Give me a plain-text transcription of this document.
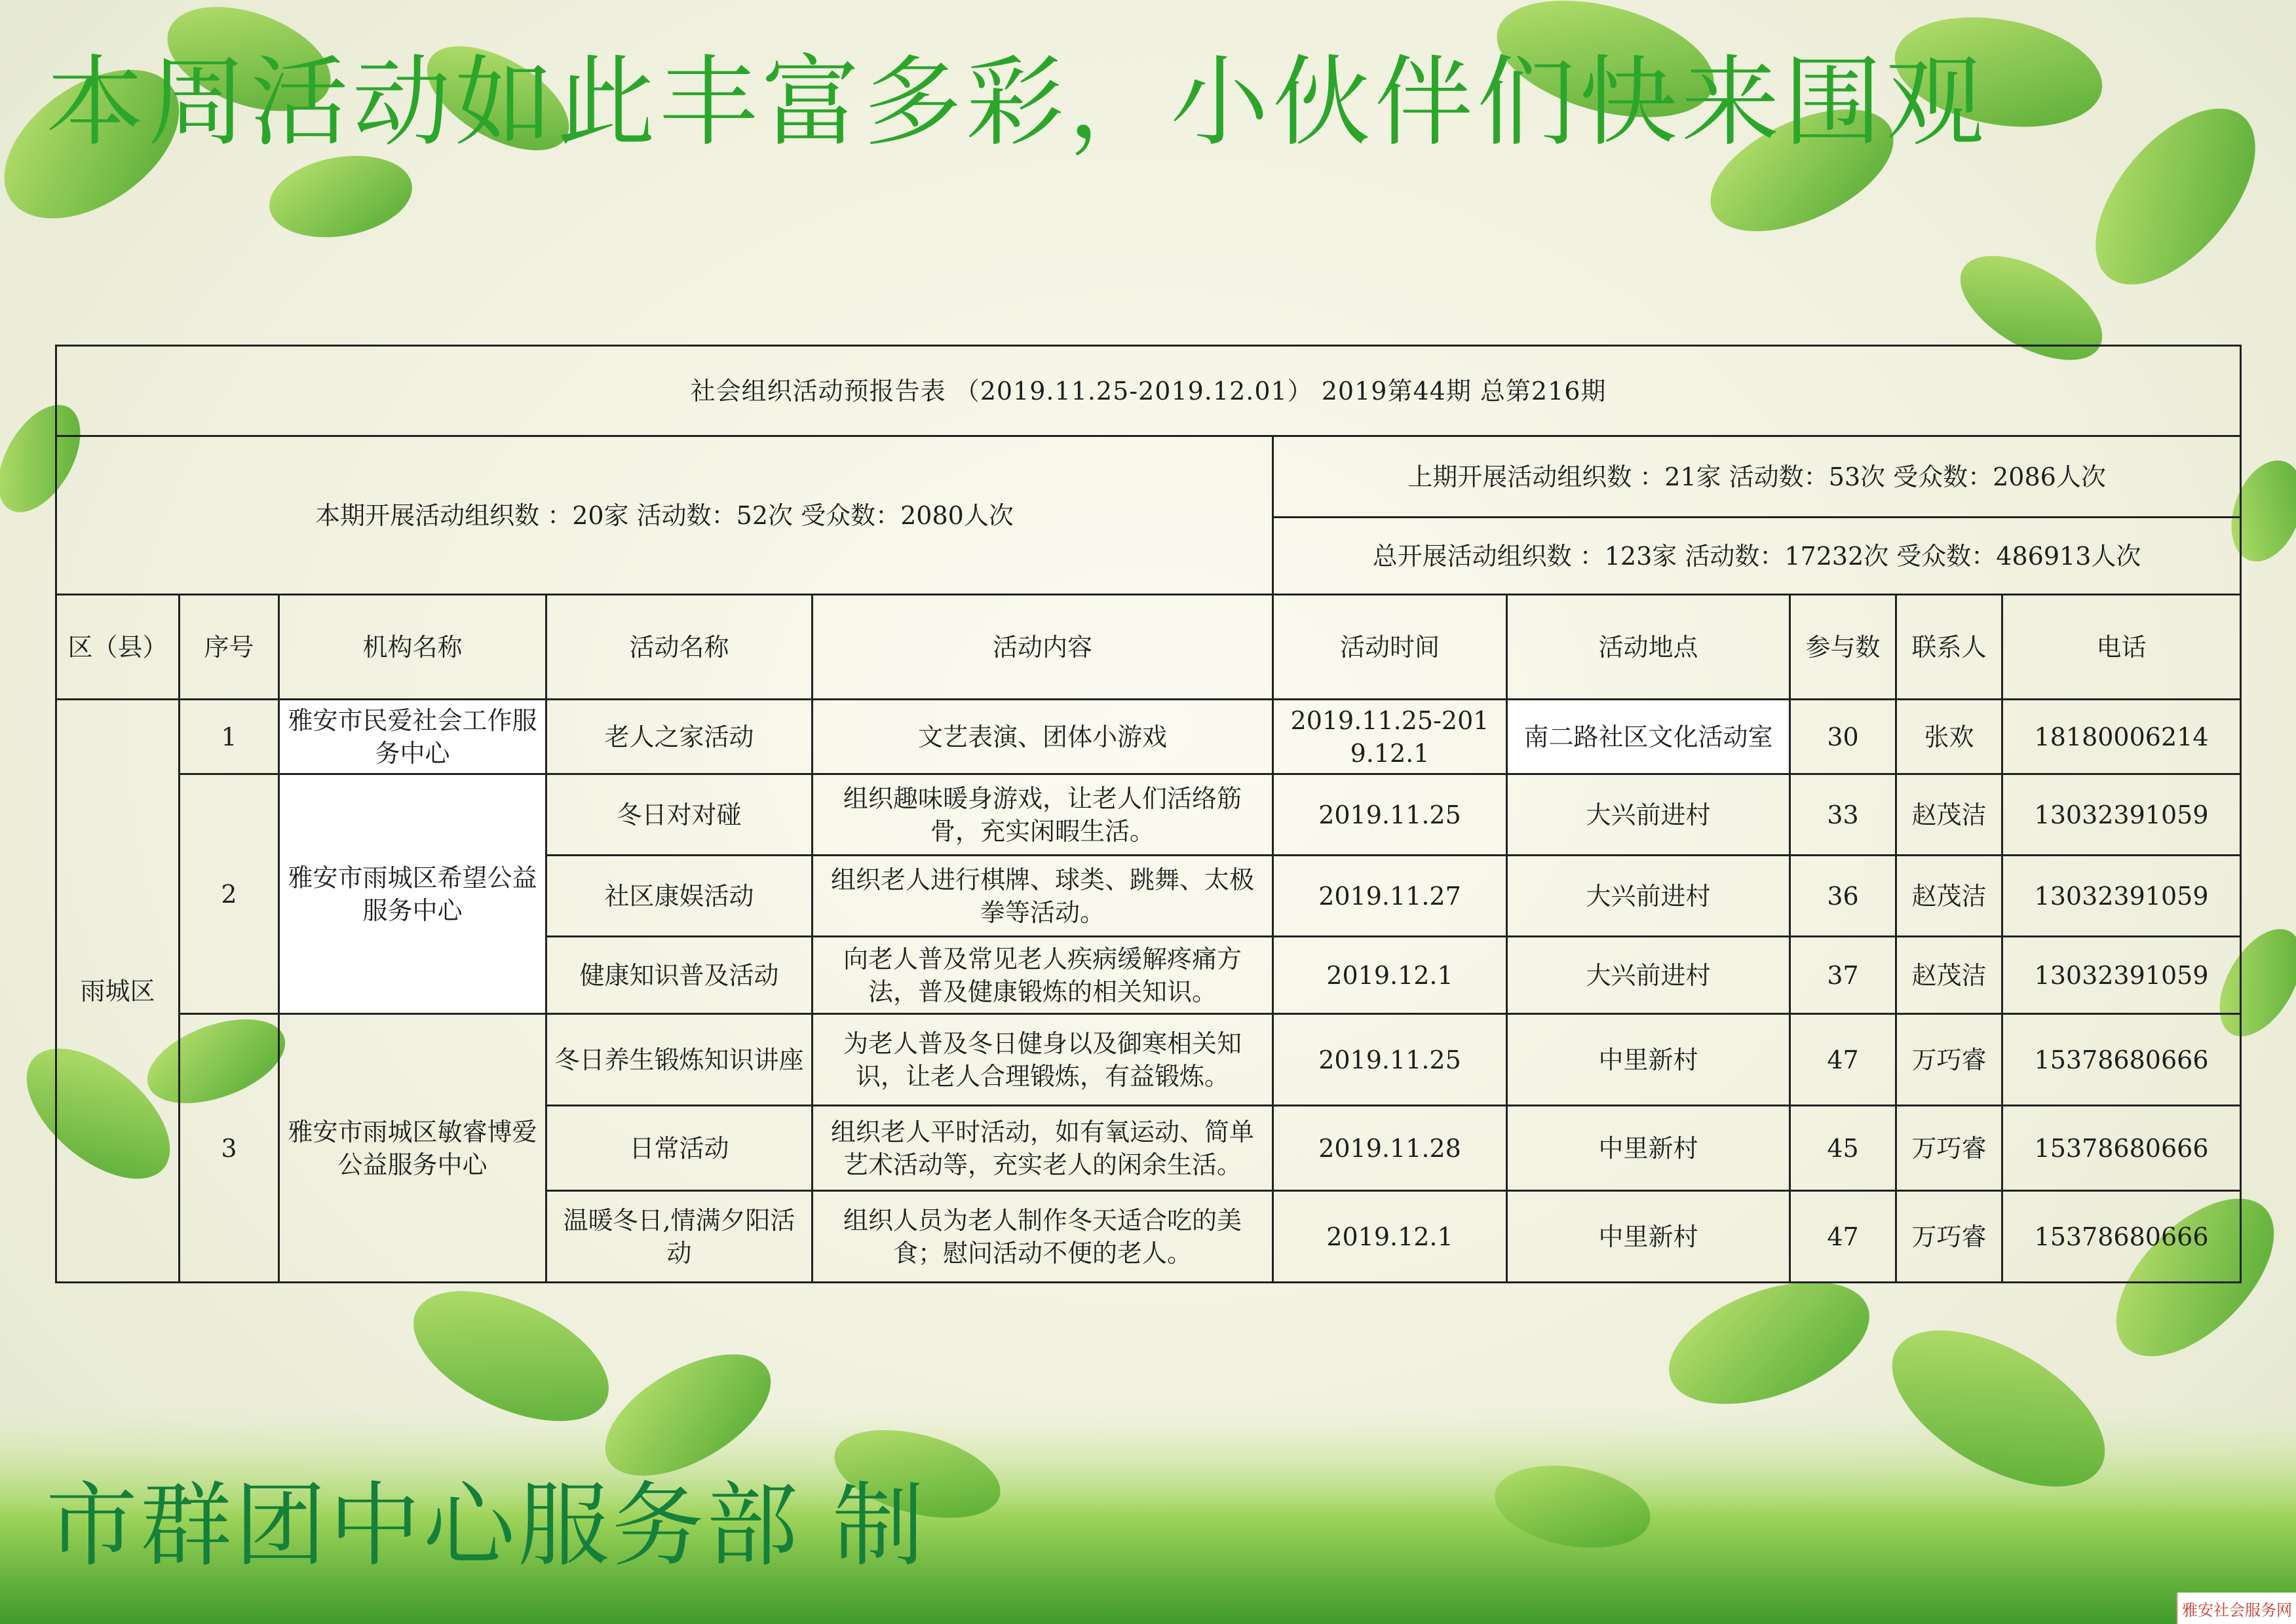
本周活动如此丰富多彩，小伙伴们快来围观
社会组织活动预报告表 （2019.11.25-2019.12.01） 2019第44期 总第216期									
本期开展活动组织数 ：20家 活动数：52次 受众数：2080人次					上期开展活动组织数 ：21家 活动数：53次 受众数：2086人次				
					总开展活动组织数 ：123家 活动数：17232次 受众数：486913人次				
区（县）	序号	机构名称	活动名称	活动内容	活动时间	活动地点	参与数	联系人	电话
雨城区	1	雅安市民爱社会工作服务中心	老人之家活动	文艺表演、团体小游戏	2019.11.25-2019.12.1	南二路社区文化活动室	30	张欢	18180006214
	2	雅安市雨城区希望公益服务中心	冬日对对碰	组织趣味暖身游戏，让老人们活络筋骨，充实闲暇生活。	2019.11.25	大兴前进村	33	赵茂洁	13032391059
			社区康娱活动	组织老人进行棋牌、球类、跳舞、太极拳等活动。	2019.11.27	大兴前进村	36	赵茂洁	13032391059
			健康知识普及活动	向老人普及常见老人疾病缓解疼痛方法，普及健康锻炼的相关知识。	2019.12.1	大兴前进村	37	赵茂洁	13032391059
	3	雅安市雨城区敏睿博爱公益服务中心	冬日养生锻炼知识讲座	为老人普及冬日健身以及御寒相关知识，让老人合理锻炼，有益锻炼。	2019.11.25	中里新村	47	万巧睿	15378680666
			日常活动	组织老人平时活动，如有氧运动、简单艺术活动等，充实老人的闲余生活。	2019.11.28	中里新村	45	万巧睿	15378680666
			温暖冬日,情满夕阳活动	组织人员为老人制作冬天适合吃的美食；慰问活动不便的老人。	2019.12.1	中里新村	47	万巧睿	15378680666
市群团中心服务部 制
雅安社会服务网
